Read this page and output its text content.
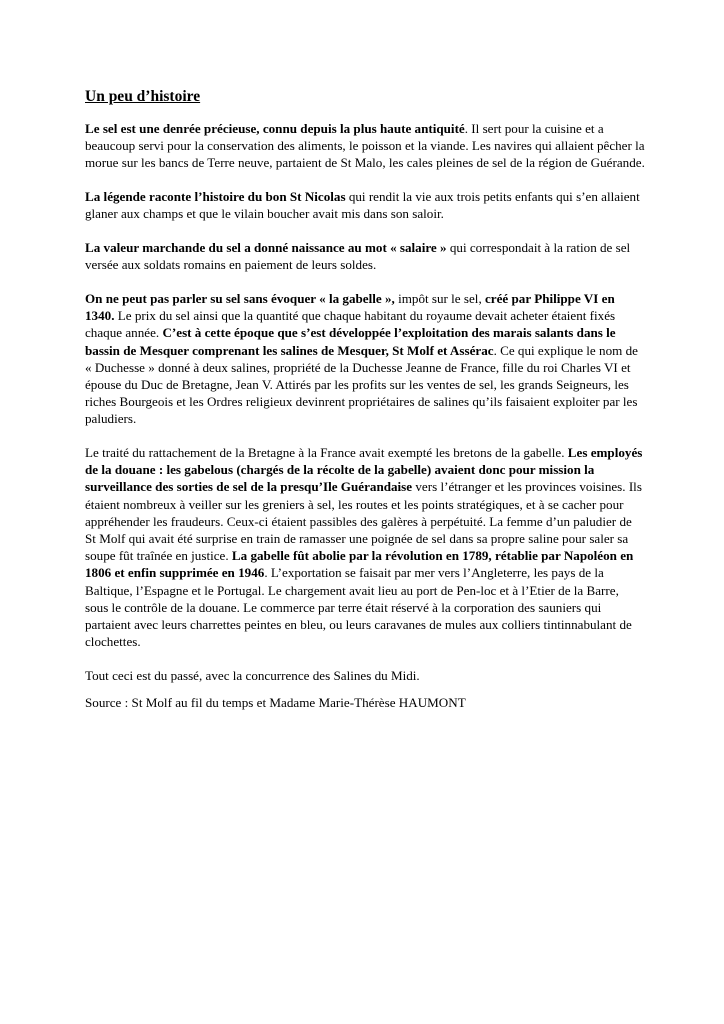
Un peu d’histoire

Le sel est une denrée précieuse, connu depuis la plus haute antiquité. Il sert pour la cuisine et a beaucoup servi pour la conservation des aliments, le poisson et la viande. Les navires qui allaient pêcher la morue sur les bancs de Terre neuve, partaient de St Malo, les cales pleines de sel de la région de Guérande.

La légende raconte l’histoire du bon St Nicolas qui rendit la vie aux trois petits enfants qui s’en allaient glaner aux champs et que le vilain boucher avait mis dans son saloir.

La valeur marchande du sel a donné naissance au mot « salaire » qui correspondait à la ration de sel versée aux soldats romains en paiement de leurs soldes.

On ne peut pas parler su sel sans évoquer « la gabelle », impôt sur le sel, créé par Philippe VI en 1340. Le prix du sel ainsi que la quantité que chaque habitant du royaume devait acheter étaient fixés chaque année. C’est à cette époque que s’est développée l’exploitation des marais salants dans le bassin de Mesquer comprenant les salines de Mesquer, St Molf et Assérac. Ce qui explique le nom de « Duchesse » donné à deux salines, propriété de la Duchesse Jeanne de France, fille du roi Charles VI et épouse du Duc de Bretagne, Jean V. Attirés par les profits sur les ventes de sel, les grands Seigneurs, les riches Bourgeois et les Ordres religieux devinrent propriétaires de salines qu’ils faisaient exploiter par les paludiers.

Le traité du rattachement de la Bretagne à la France avait exempté les bretons de la gabelle. Les employés de la douane : les gabelous (chargés de la récolte de la gabelle) avaient donc pour mission la surveillance des sorties de sel de la presqu’Ile Guérandaise vers l’étranger et les provinces voisines. Ils étaient nombreux à veiller sur les greniers à sel, les routes et les points stratégiques, et à se cacher pour appréhender les fraudeurs. Ceux-ci étaient passibles des galères à perpétuité. La femme d’un paludier de St Molf qui avait été surprise en train de ramasser une poignée de sel dans sa propre saline pour saler sa soupe fût traînée en justice. La gabelle fût abolie par la révolution en 1789, rétablie par Napoléon en 1806 et enfin supprimée en 1946. L’exportation se faisait par mer vers l’Angleterre, les pays de la Baltique, l’Espagne et le Portugal. Le chargement avait lieu au port de Pen-loc et à l’Etier de la Barre, sous le contrôle de la douane. Le commerce par terre était réservé à la corporation des sauniers qui partaient avec leurs charrettes peintes en bleu, ou leurs caravanes de mules aux colliers tintinnabulant de clochettes.

Tout ceci est du passé, avec la concurrence des Salines du Midi.

Source : St Molf au fil du temps et Madame Marie-Thérèse HAUMONT
